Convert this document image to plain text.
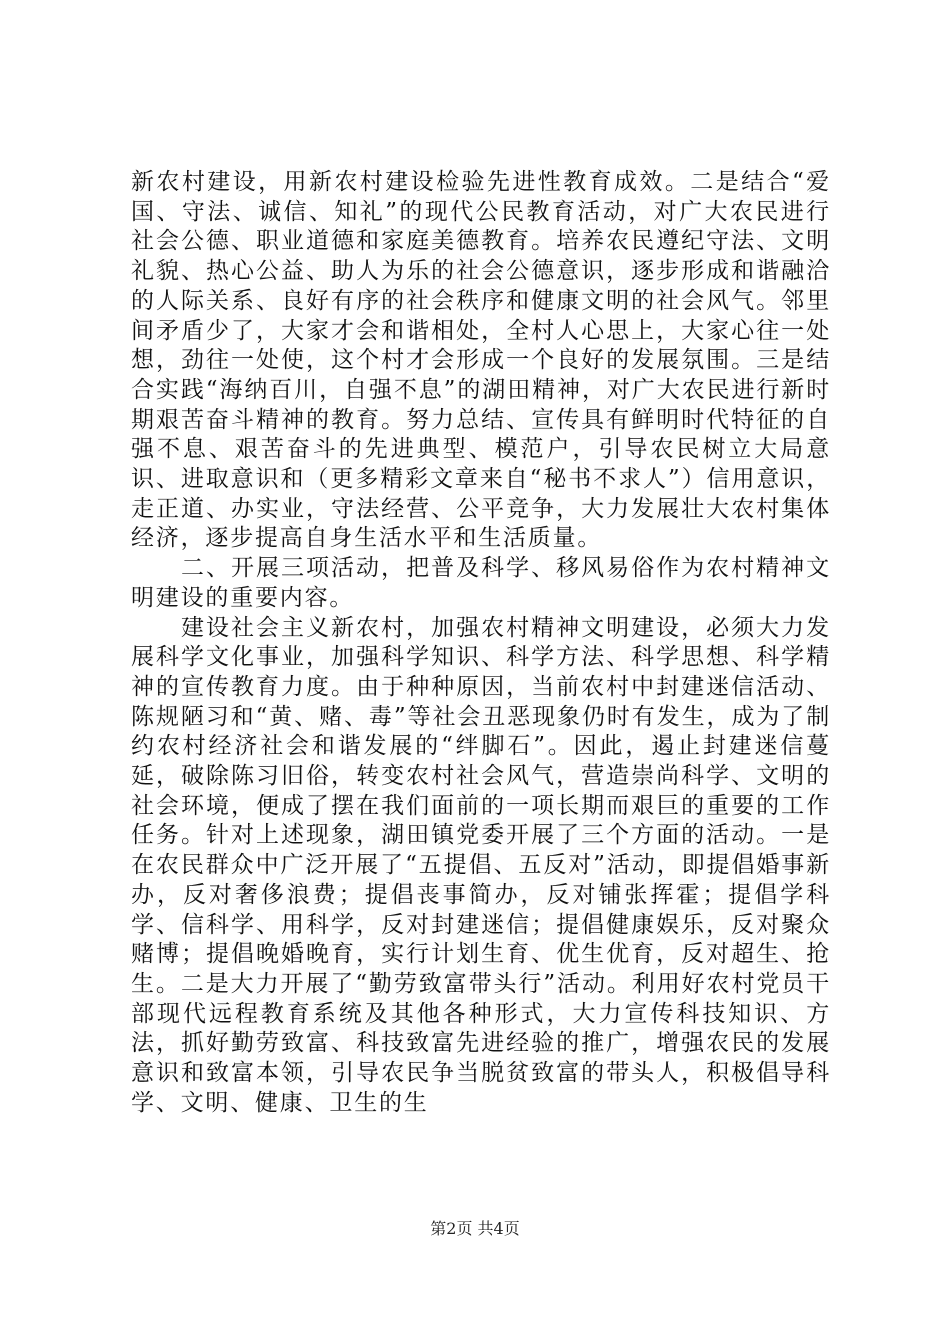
新农村建设，用新农村建设检验先进性教育成效。二是结合“爱国、守法、诚信、知礼”的现代公民教育活动，对广大农民进行社会公德、职业道德和家庭美德教育。培养农民遵纪守法、文明礼貌、热心公益、助人为乐的社会公德意识，逐步形成和谐融洽的人际关系、良好有序的社会秩序和健康文明的社会风气。邻里间矛盾少了，大家才会和谐相处，全村人心思上，大家心往一处想，劲往一处使，这个村才会形成一个良好的发展氛围。三是结合实践“海纳百川，自强不息”的湖田精神，对广大农民进行新时期艰苦奋斗精神的教育。努力总结、宣传具有鲜明时代特征的自强不息、艰苦奋斗的先进典型、模范户，引导农民树立大局意识、进取意识和（更多精彩文章来自“秘书不求人”）信用意识，走正道、办实业，守法经营、公平竞争，大力发展壮大农村集体经济，逐步提高自身生活水平和生活质量。

二、开展三项活动，把普及科学、移风易俗作为农村精神文明建设的重要内容。

建设社会主义新农村，加强农村精神文明建设，必须大力发展科学文化事业，加强科学知识、科学方法、科学思想、科学精神的宣传教育力度。由于种种原因，当前农村中封建迷信活动、陈规陋习和“黄、赌、毒”等社会丑恶现象仍时有发生，成为了制约农村经济社会和谐发展的“绊脚石”。因此，遏止封建迷信蔓延，破除陈习旧俗，转变农村社会风气，营造崇尚科学、文明的社会环境，便成了摆在我们面前的一项长期而艰巨的重要的工作任务。针对上述现象，湖田镇党委开展了三个方面的活动。一是在农民群众中广泛开展了“五提倡、五反对”活动，即提倡婚事新办，反对奢侈浪费；提倡丧事简办，反对铺张挥霍；提倡学科学、信科学、用科学，反对封建迷信；提倡健康娱乐，反对聚众赌博；提倡晚婚晚育，实行计划生育、优生优育，反对超生、抢生。二是大力开展了“勤劳致富带头行”活动。利用好农村党员干部现代远程教育系统及其他各种形式，大力宣传科技知识、方法，抓好勤劳致富、科技致富先进经验的推广，增强农民的发展意识和致富本领，引导农民争当脱贫致富的带头人，积极倡导科学、文明、健康、卫生的生

第2页 共4页
